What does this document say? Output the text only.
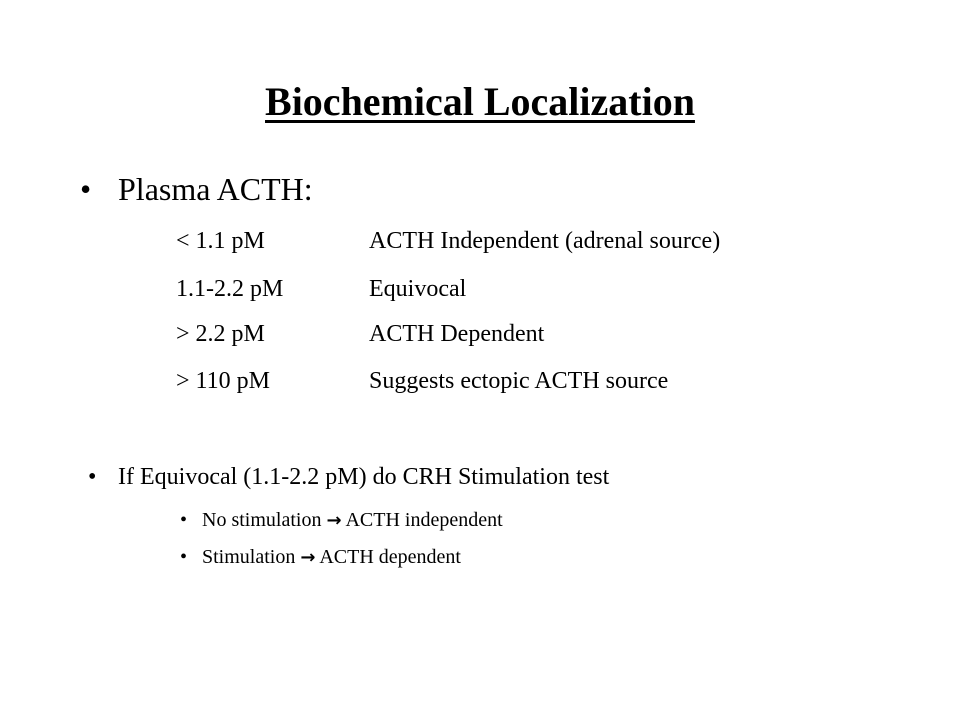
Biochemical Localization
• Plasma ACTH:
< 1.1 pM	ACTH Independent (adrenal source)
1.1-2.2 pM	Equivocal
> 2.2 pM	ACTH Dependent
> 110 pM	Suggests ectopic ACTH source
• If Equivocal (1.1-2.2 pM) do CRH Stimulation test
• No stimulation → ACTH independent
• Stimulation → ACTH dependent
